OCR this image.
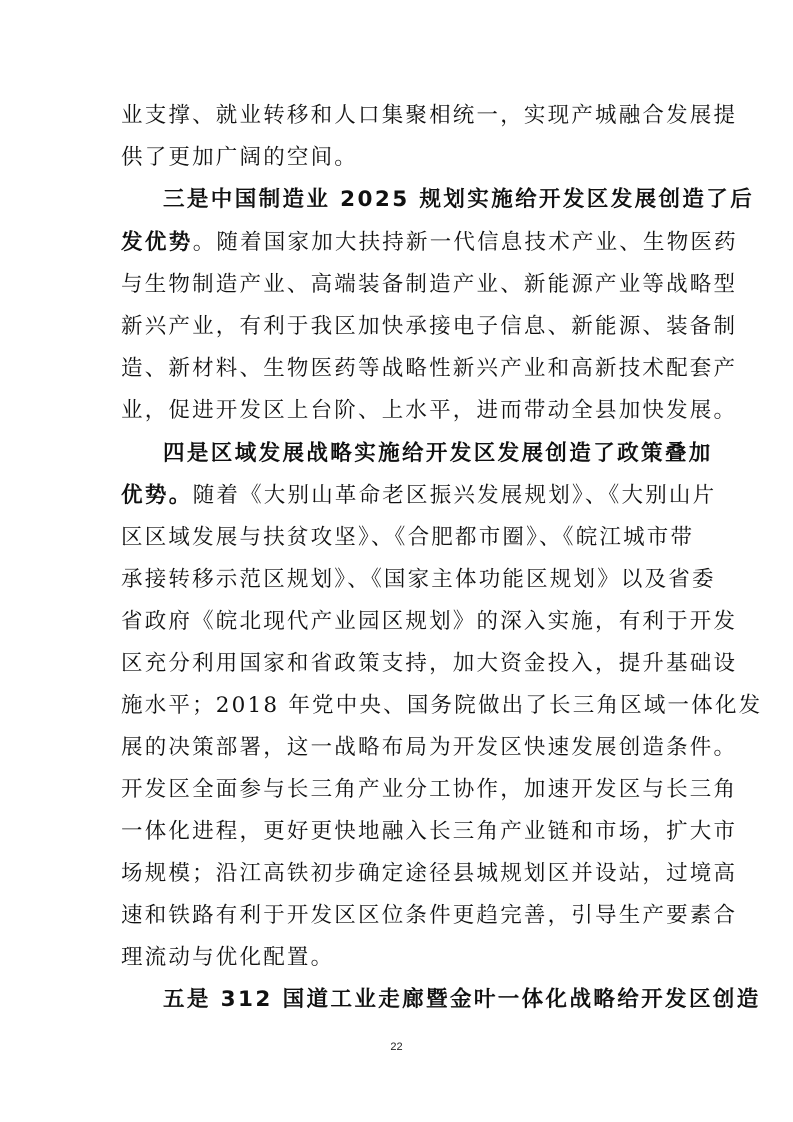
业支撑、就业转移和人口集聚相统一，实现产城融合发展提
供了更加广阔的空间。
三是中国制造业 2025 规划实施给开发区发展创造了后
发优势。随着国家加大扶持新一代信息技术产业、生物医药
与生物制造产业、高端装备制造产业、新能源产业等战略型
新兴产业，有利于我区加快承接电子信息、新能源、装备制
造、新材料、生物医药等战略性新兴产业和高新技术配套产
业，促进开发区上台阶、上水平，进而带动全县加快发展。
四是区域发展战略实施给开发区发展创造了政策叠加
优势。随着《大别山革命老区振兴发展规划》、《大别山片
区区域发展与扶贫攻坚》、《合肥都市圈》、《皖江城市带
承接转移示范区规划》、《国家主体功能区规划》以及省委
省政府《皖北现代产业园区规划》的深入实施，有利于开发
区充分利用国家和省政策支持，加大资金投入，提升基础设
施水平；2018 年党中央、国务院做出了长三角区域一体化发
展的决策部署，这一战略布局为开发区快速发展创造条件。
开发区全面参与长三角产业分工协作，加速开发区与长三角
一体化进程，更好更快地融入长三角产业链和市场，扩大市
场规模；沿江高铁初步确定途径县城规划区并设站，过境高
速和铁路有利于开发区区位条件更趋完善，引导生产要素合
理流动与优化配置。
五是 312 国道工业走廊暨金叶一体化战略给开发区创造
22
